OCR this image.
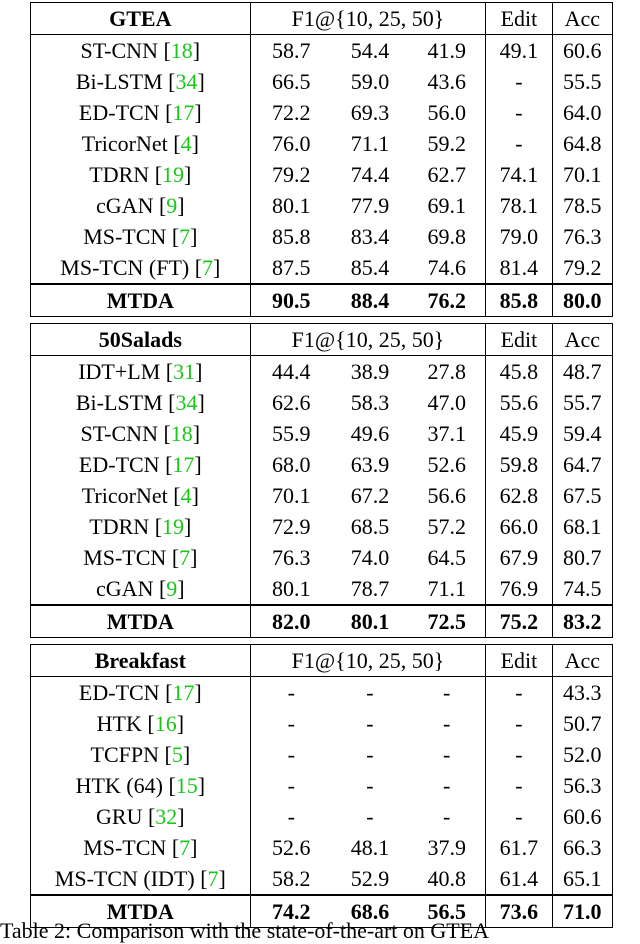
GTEA	F1@{10, 25, 50}			Edit	Acc
ST-CNN [18]	58.7	54.4	41.9	49.1	60.6
Bi-LSTM [34]	66.5	59.0	43.6	-	55.5
ED-TCN [17]	72.2	69.3	56.0	-	64.0
TricorNet [4]	76.0	71.1	59.2	-	64.8
TDRN [19]	79.2	74.4	62.7	74.1	70.1
cGAN [9]	80.1	77.9	69.1	78.1	78.5
MS-TCN [7]	85.8	83.4	69.8	79.0	76.3
MS-TCN (FT) [7]	87.5	85.4	74.6	81.4	79.2
MTDA	90.5	88.4	76.2	85.8	80.0

50Salads	F1@{10, 25, 50}			Edit	Acc
IDT+LM [31]	44.4	38.9	27.8	45.8	48.7
Bi-LSTM [34]	62.6	58.3	47.0	55.6	55.7
ST-CNN [18]	55.9	49.6	37.1	45.9	59.4
ED-TCN [17]	68.0	63.9	52.6	59.8	64.7
TricorNet [4]	70.1	67.2	56.6	62.8	67.5
TDRN [19]	72.9	68.5	57.2	66.0	68.1
MS-TCN [7]	76.3	74.0	64.5	67.9	80.7
cGAN [9]	80.1	78.7	71.1	76.9	74.5
MTDA	82.0	80.1	72.5	75.2	83.2

Breakfast	F1@{10, 25, 50}			Edit	Acc
ED-TCN [17]	-	-	-	-	43.3
HTK [16]	-	-	-	-	50.7
TCFPN [5]	-	-	-	-	52.0
HTK (64) [15]	-	-	-	-	56.3
GRU [32]	-	-	-	-	60.6
MS-TCN [7]	52.6	48.1	37.9	61.7	66.3
MS-TCN (IDT) [7]	58.2	52.9	40.8	61.4	65.1
MTDA	74.2	68.6	56.5	73.6	71.0
Table 2: Comparison with the state-of-the-art on GTEA
